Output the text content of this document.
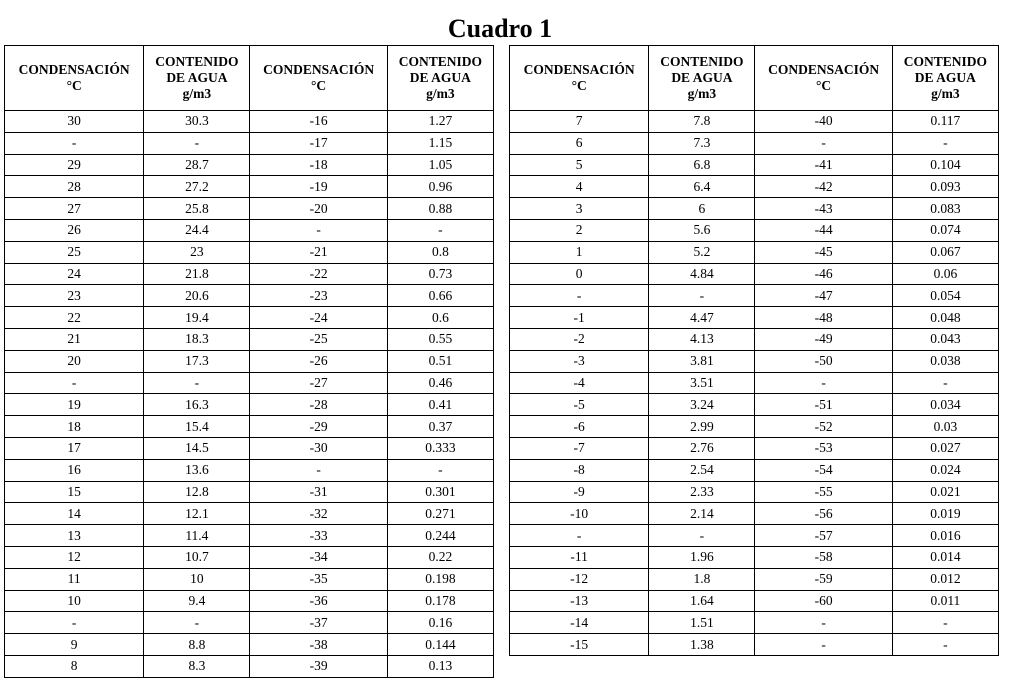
Cuadro 1
CONDENSACIÓN
°C	CONTENIDO
DE AGUA
g/m3	CONDENSACIÓN
°C	CONTENIDO
DE AGUA
g/m3

30	30.3	-16	1.27
-	-	-17	1.15
29	28.7	-18	1.05
28	27.2	-19	0.96
27	25.8	-20	0.88
26	24.4	-	-
25	23	-21	0.8
24	21.8	-22	0.73
23	20.6	-23	0.66
22	19.4	-24	0.6
21	18.3	-25	0.55
20	17.3	-26	0.51
-	-	-27	0.46
19	16.3	-28	0.41
18	15.4	-29	0.37
17	14.5	-30	0.333
16	13.6	-	-
15	12.8	-31	0.301
14	12.1	-32	0.271
13	11.4	-33	0.244
12	10.7	-34	0.22
11	10	-35	0.198
10	9.4	-36	0.178
-	-	-37	0.16
9	8.8	-38	0.144
8	8.3	-39	0.13
CONDENSACIÓN
°C	CONTENIDO
DE AGUA
g/m3	CONDENSACIÓN
°C	CONTENIDO
DE AGUA
g/m3

7	7.8	-40	0.117
6	7.3	-	-
5	6.8	-41	0.104
4	6.4	-42	0.093
3	6	-43	0.083
2	5.6	-44	0.074
1	5.2	-45	0.067
0	4.84	-46	0.06
-	-	-47	0.054
-1	4.47	-48	0.048
-2	4.13	-49	0.043
-3	3.81	-50	0.038
-4	3.51	-	-
-5	3.24	-51	0.034
-6	2.99	-52	0.03
-7	2.76	-53	0.027
-8	2.54	-54	0.024
-9	2.33	-55	0.021
-10	2.14	-56	0.019
-	-	-57	0.016
-11	1.96	-58	0.014
-12	1.8	-59	0.012
-13	1.64	-60	0.011
-14	1.51	-	-
-15	1.38	-	-
